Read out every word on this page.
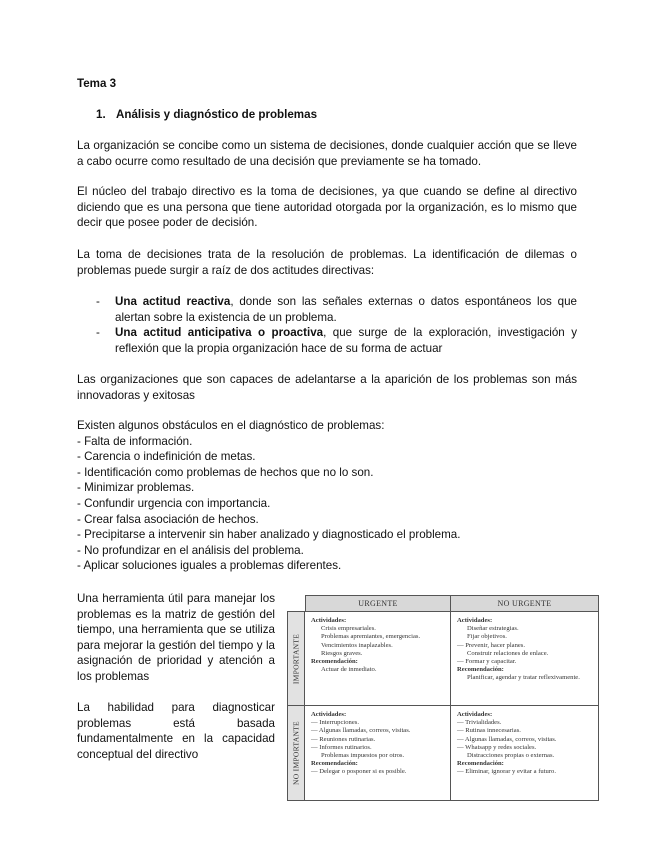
Tema 3
1. Análisis y diagnóstico de problemas

La organización se concibe como un sistema de decisiones, donde cualquier acción que se lleve a cabo ocurre como resultado de una decisión que previamente se ha tomado.

El núcleo del trabajo directivo es la toma de decisiones, ya que cuando se define al directivo diciendo que es una persona que tiene autoridad otorgada por la organización, es lo mismo que decir que posee poder de decisión.

La toma de decisiones trata de la resolución de problemas. La identificación de dilemas o problemas puede surgir a raíz de dos actitudes directivas:

- Una actitud reactiva, donde son las señales externas o datos espontáneos los que alertan sobre la existencia de un problema.
- Una actitud anticipativa o proactiva, que surge de la exploración, investigación y reflexión que la propia organización hace de su forma de actuar

Las organizaciones que son capaces de adelantarse a la aparición de los problemas son más innovadoras y exitosas

Existen algunos obstáculos en el diagnóstico de problemas:
- Falta de información.
- Carencia o indefinición de metas.
- Identificación como problemas de hechos que no lo son.
- Minimizar problemas.
- Confundir urgencia con importancia.
- Crear falsa asociación de hechos.
- Precipitarse a intervenir sin haber analizado y diagnosticado el problema.
- No profundizar en el análisis del problema.
- Aplicar soluciones iguales a problemas diferentes.

Una herramienta útil para manejar los problemas es la matriz de gestión del tiempo, una herramienta que se utiliza para mejorar la gestión del tiempo y la asignación de prioridad y atención a los problemas

La habilidad para diagnosticar problemas está basada fundamentalmente en la capacidad conceptual del directivo

URGENTE	NO URGENTE
IMPORTANTE
NO IMPORTANTE
Actividades:
Crisis empresariales.
Problemas apremiantes, emergencias.
Vencimientos inaplazables.
Riesgos graves.
Recomendación:
Actuar de inmediato.
Actividades:
Diseñar estrategias.
Fijar objetivos.
— Prevenir, hacer planes.
Construir relaciones de enlace.
— Formar y capacitar.
Recomendación:
Planificar, agendar y tratar reflexivamente.
Actividades:
— Interrupciones.
— Algunas llamadas, correos, visitas.
— Reuniones rutinarias.
— Informes rutinarios.
Problemas impuestos por otros.
Recomendación:
— Delegar o posponer si es posible.
Actividades:
— Trivialidades.
— Rutinas innecesarias.
— Algunas llamadas, correos, visitas.
— Whatsapp y redes sociales.
Distracciones propias o externas.
Recomendación:
— Eliminar, ignorar y evitar a futuro.
